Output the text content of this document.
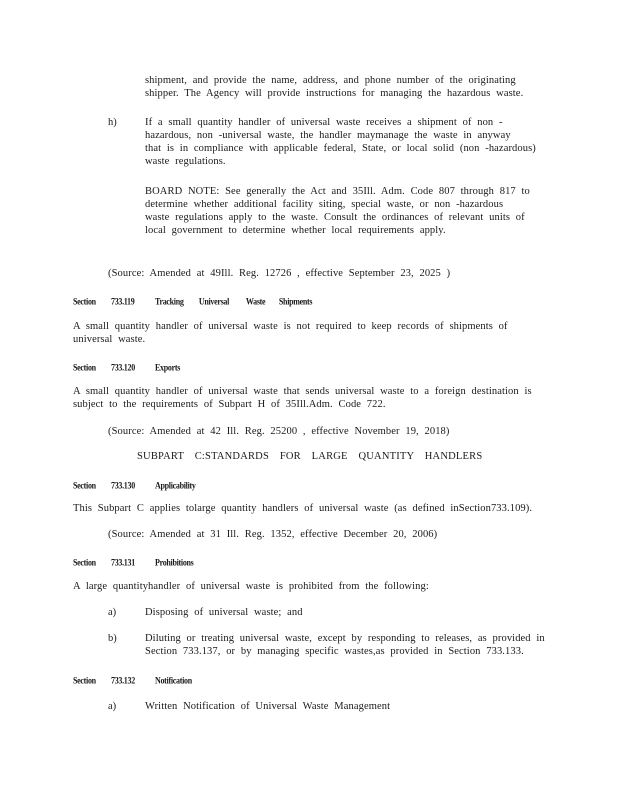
shipment, and provide the name, address, and phone number of the originating
shipper. The Agency will provide instructions for managing the hazardous waste.
h)	If a small quantity handler of universal waste receives a shipment of non -
hazardous, non -universal waste, the handler maymanage the waste in anyway
that is in compliance with applicable federal, State, or local solid (non -hazardous)
waste regulations.
BOARD NOTE: See generally the Act and 35Ill. Adm. Code 807 through 817 to
determine whether additional facility siting, special waste, or non -hazardous
waste regulations apply to the waste. Consult the ordinances of relevant units of
local government to determine whether local requirements apply.
(Source: Amended at 49Ill. Reg. 12726 , effective September 23, 2025 )
Section 733.119	Tracking         Universal          Waste        Shipments
A small quantity handler of universal waste is not required to keep records of shipments of
universal waste.
Section 733.120	Exports
A small quantity handler of universal waste that sends universal waste to a foreign destination is
subject to the requirements of Subpart H of 35Ill.Adm. Code 722.
(Source: Amended at 42 Ill. Reg. 25200 , effective November 19, 2018)
SUBPART C:STANDARDS FOR LARGE QUANTITY HANDLERS
Section 733.130	Applicability
This Subpart C applies tolarge quantity handlers of universal waste (as defined inSection733.109).
(Source: Amended at 31 Ill. Reg. 1352, effective December 20, 2006)
Section 733.131	Prohibitions
A large quantityhandler of universal waste is prohibited from the following:
a)	Disposing of universal waste; and
b)	Diluting or treating universal waste, except by responding to releases, as provided in
Section 733.137, or by managing specific wastes,as provided in Section 733.133.
Section 733.132	Notification
a)	Written Notification of Universal Waste Management
